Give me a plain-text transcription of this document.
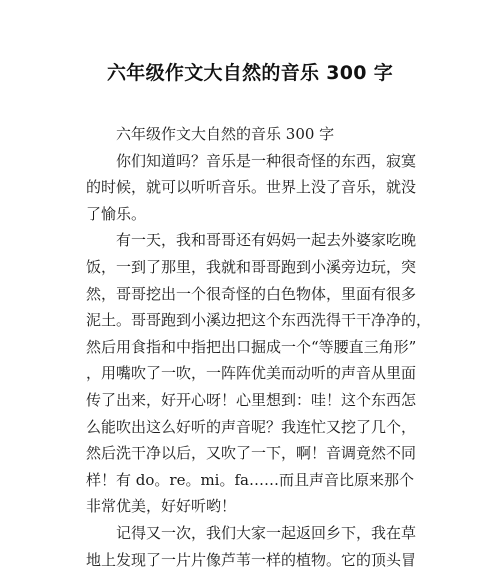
六年级作文大自然的音乐 300 字
六年级作文大自然的音乐 300 字
你们知道吗？音乐是一种很奇怪的东西，寂寞
的时候，就可以听听音乐。世界上没了音乐，就没
了愉乐。
有一天，我和哥哥还有妈妈一起去外婆家吃晚
饭，一到了那里，我就和哥哥跑到小溪旁边玩，突
然，哥哥挖出一个很奇怪的白色物体，里面有很多
泥土。哥哥跑到小溪边把这个东西洗得干干净净的，
然后用食指和中指把出口掘成一个“等腰直三角形”
，用嘴吹了一吹，一阵阵优美而动听的声音从里面
传了出来，好开心呀！心里想到：哇！这个东西怎
么能吹出这么好听的声音呢？我连忙又挖了几个，
然后洗干净以后，又吹了一下，啊！音调竟然不同
样！有 do。re。mi。fa……而且声音比原来那个
非常优美，好好听哟！
记得又一次，我们大家一起返回乡下，我在草
地上发现了一片片像芦苇一样的植物。它的顶头冒
